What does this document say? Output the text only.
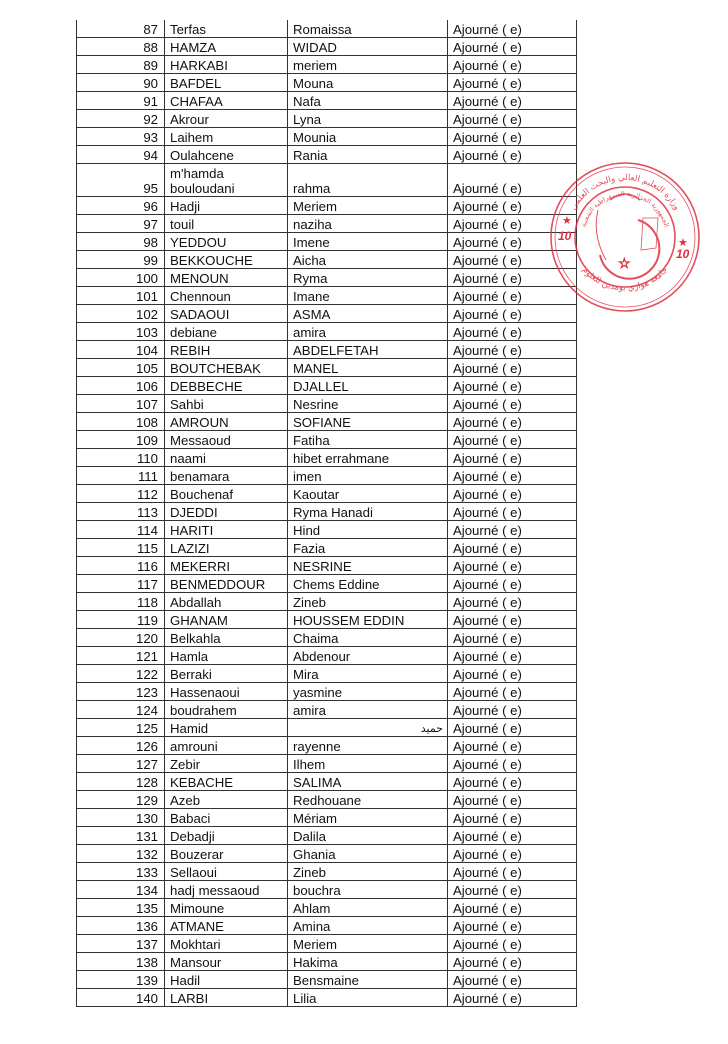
87	Terfas	Romaissa	Ajourné ( e)
88	HAMZA	WIDAD	Ajourné ( e)
89	HARKABI	meriem	Ajourné ( e)
90	BAFDEL	Mouna	Ajourné ( e)
91	CHAFAA	Nafa	Ajourné ( e)
92	Akrour	Lyna	Ajourné ( e)
93	Laihem	Mounia	Ajourné ( e)
94	Oulahcene	Rania	Ajourné ( e)
95	m'hamda bouloudani	rahma	Ajourné ( e)
96	Hadji	Meriem	Ajourné ( e)
97	touil	naziha	Ajourné ( e)
98	YEDDOU	Imene	Ajourné ( e)
99	BEKKOUCHE	Aicha	Ajourné ( e)
100	MENOUN	Ryma	Ajourné ( e)
101	Chennoun	Imane	Ajourné ( e)
102	SADAOUI	ASMA	Ajourné ( e)
103	debiane	amira	Ajourné ( e)
104	REBIH	ABDELFETAH	Ajourné ( e)
105	BOUTCHEBAK	MANEL	Ajourné ( e)
106	DEBBECHE	DJALLEL	Ajourné ( e)
107	Sahbi	Nesrine	Ajourné ( e)
108	AMROUN	SOFIANE	Ajourné ( e)
109	Messaoud	Fatiha	Ajourné ( e)
110	naami	hibet errahmane	Ajourné ( e)
111	benamara	imen	Ajourné ( e)
112	Bouchenaf	Kaoutar	Ajourné ( e)
113	DJEDDI	Ryma Hanadi	Ajourné ( e)
114	HARITI	Hind	Ajourné ( e)
115	LAZIZI	Fazia	Ajourné ( e)
116	MEKERRI	NESRINE	Ajourné ( e)
117	BENMEDDOUR	Chems Eddine	Ajourné ( e)
118	Abdallah	Zineb	Ajourné ( e)
119	GHANAM	HOUSSEM EDDIN	Ajourné ( e)
120	Belkahla	Chaima	Ajourné ( e)
121	Hamla	Abdenour	Ajourné ( e)
122	Berraki	Mira	Ajourné ( e)
123	Hassenaoui	yasmine	Ajourné ( e)
124	boudrahem	amira	Ajourné ( e)
125	Hamid	حميد	Ajourné ( e)
126	amrouni	rayenne	Ajourné ( e)
127	Zebir	Ilhem	Ajourné ( e)
128	KEBACHE	SALIMA	Ajourné ( e)
129	Azeb	Redhouane	Ajourné ( e)
130	Babaci	Mériam	Ajourné ( e)
131	Debadji	Dalila	Ajourné ( e)
132	Bouzerar	Ghania	Ajourné ( e)
133	Sellaoui	Zineb	Ajourné ( e)
134	hadj messaoud	bouchra	Ajourné ( e)
135	Mimoune	Ahlam	Ajourné ( e)
136	ATMANE	Amina	Ajourné ( e)
137	Mokhtari	Meriem	Ajourné ( e)
138	Mansour	Hakima	Ajourné ( e)
139	Hadil	Bensmaine	Ajourné ( e)
140	LARBI	Lilia	Ajourné ( e)
وزارة التعليم العالي والبحث العلمي
الجمهورية الجزائرية الديمقراطية الشعبية
جامعة هواري بومدين للعلوم
10
10
★
★
☆
